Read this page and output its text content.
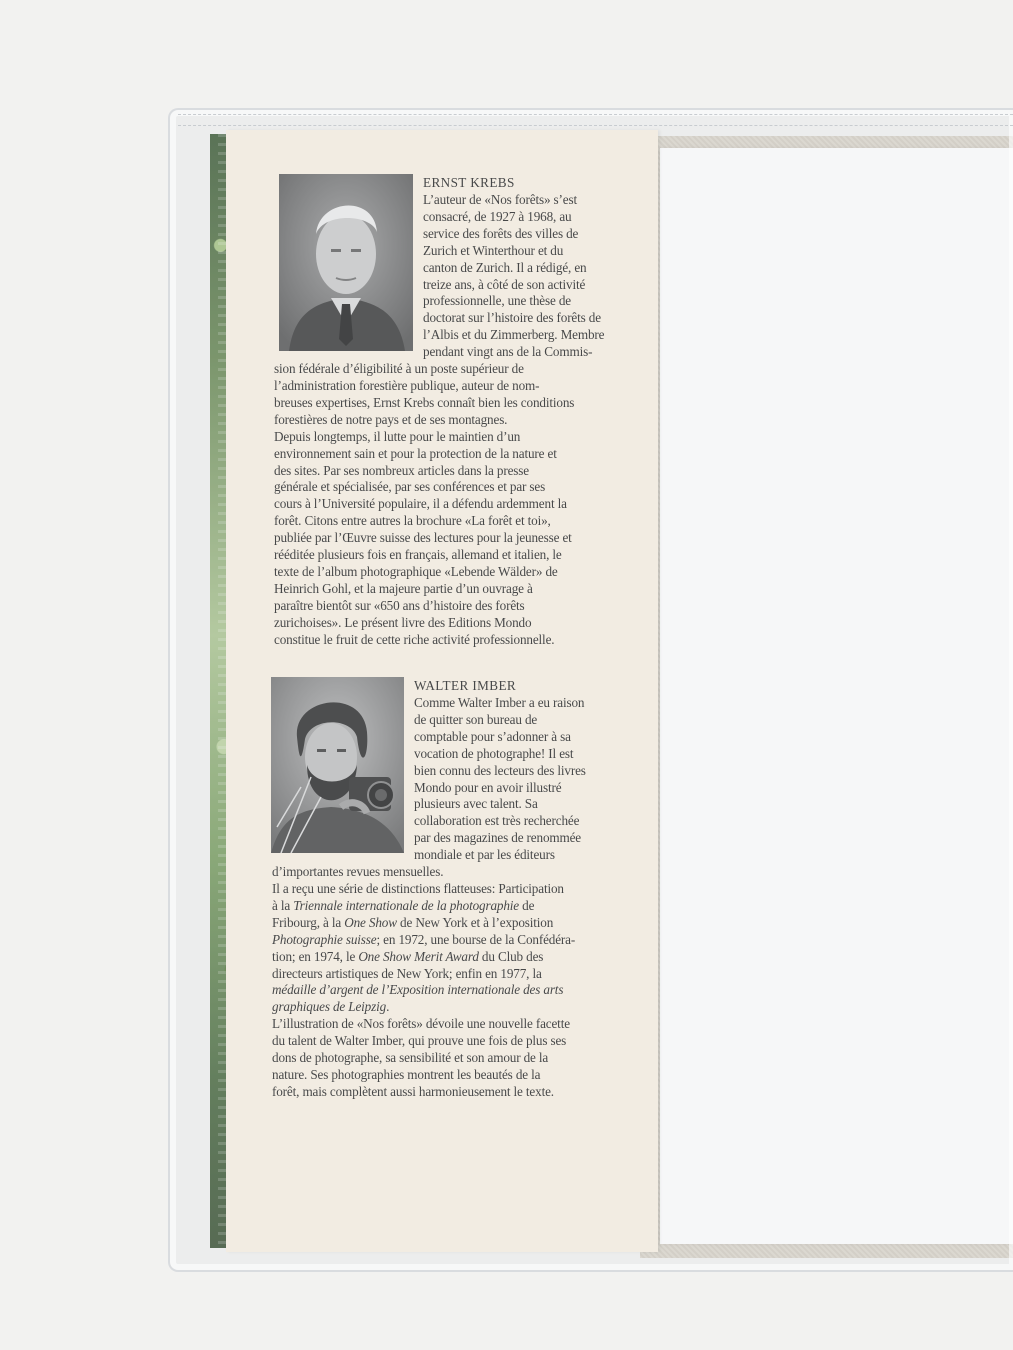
ERNST KREBS
L’auteur de «Nos forêts» s’est
consacré, de 1927 à 1968, au
service des forêts des villes de
Zurich et Winterthour et du
canton de Zurich. Il a rédigé, en
treize ans, à côté de son activité
professionnelle, une thèse de
doctorat sur l’histoire des forêts de
l’Albis et du Zimmerberg. Membre
pendant vingt ans de la Commis-
sion fédérale d’éligibilité à un poste supérieur de
l’administration forestière publique, auteur de nom-
breuses expertises, Ernst Krebs connaît bien les conditions
forestières de notre pays et de ses montagnes.
Depuis longtemps, il lutte pour le maintien d’un
environnement sain et pour la protection de la nature et
des sites. Par ses nombreux articles dans la presse
générale et spécialisée, par ses conférences et par ses
cours à l’Université populaire, il a défendu ardemment la
forêt. Citons entre autres la brochure «La forêt et toi»,
publiée par l’Œuvre suisse des lectures pour la jeunesse et
rééditée plusieurs fois en français, allemand et italien, le
texte de l’album photographique «Lebende Wälder» de
Heinrich Gohl, et la majeure partie d’un ouvrage à
paraître bientôt sur «650 ans d’histoire des forêts
zurichoises». Le présent livre des Editions Mondo
constitue le fruit de cette riche activité professionnelle.
WALTER IMBER
Comme Walter Imber a eu raison
de quitter son bureau de
comptable pour s’adonner à sa
vocation de photographe! Il est
bien connu des lecteurs des livres
Mondo pour en avoir illustré
plusieurs avec talent. Sa
collaboration est très recherchée
par des magazines de renommée
mondiale et par les éditeurs
d’importantes revues mensuelles.
Il a reçu une série de distinctions flatteuses: Participation
à la Triennale internationale de la photographie de
Fribourg, à la One Show de New York et à l’exposition
Photographie suisse; en 1972, une bourse de la Confédéra-
tion; en 1974, le One Show Merit Award du Club des
directeurs artistiques de New York; enfin en 1977, la
médaille d’argent de l’Exposition internationale des arts
graphiques de Leipzig.
L’illustration de «Nos forêts» dévoile une nouvelle facette
du talent de Walter Imber, qui prouve une fois de plus ses
dons de photographe, sa sensibilité et son amour de la
nature. Ses photographies montrent les beautés de la
forêt, mais complètent aussi harmonieusement le texte.
